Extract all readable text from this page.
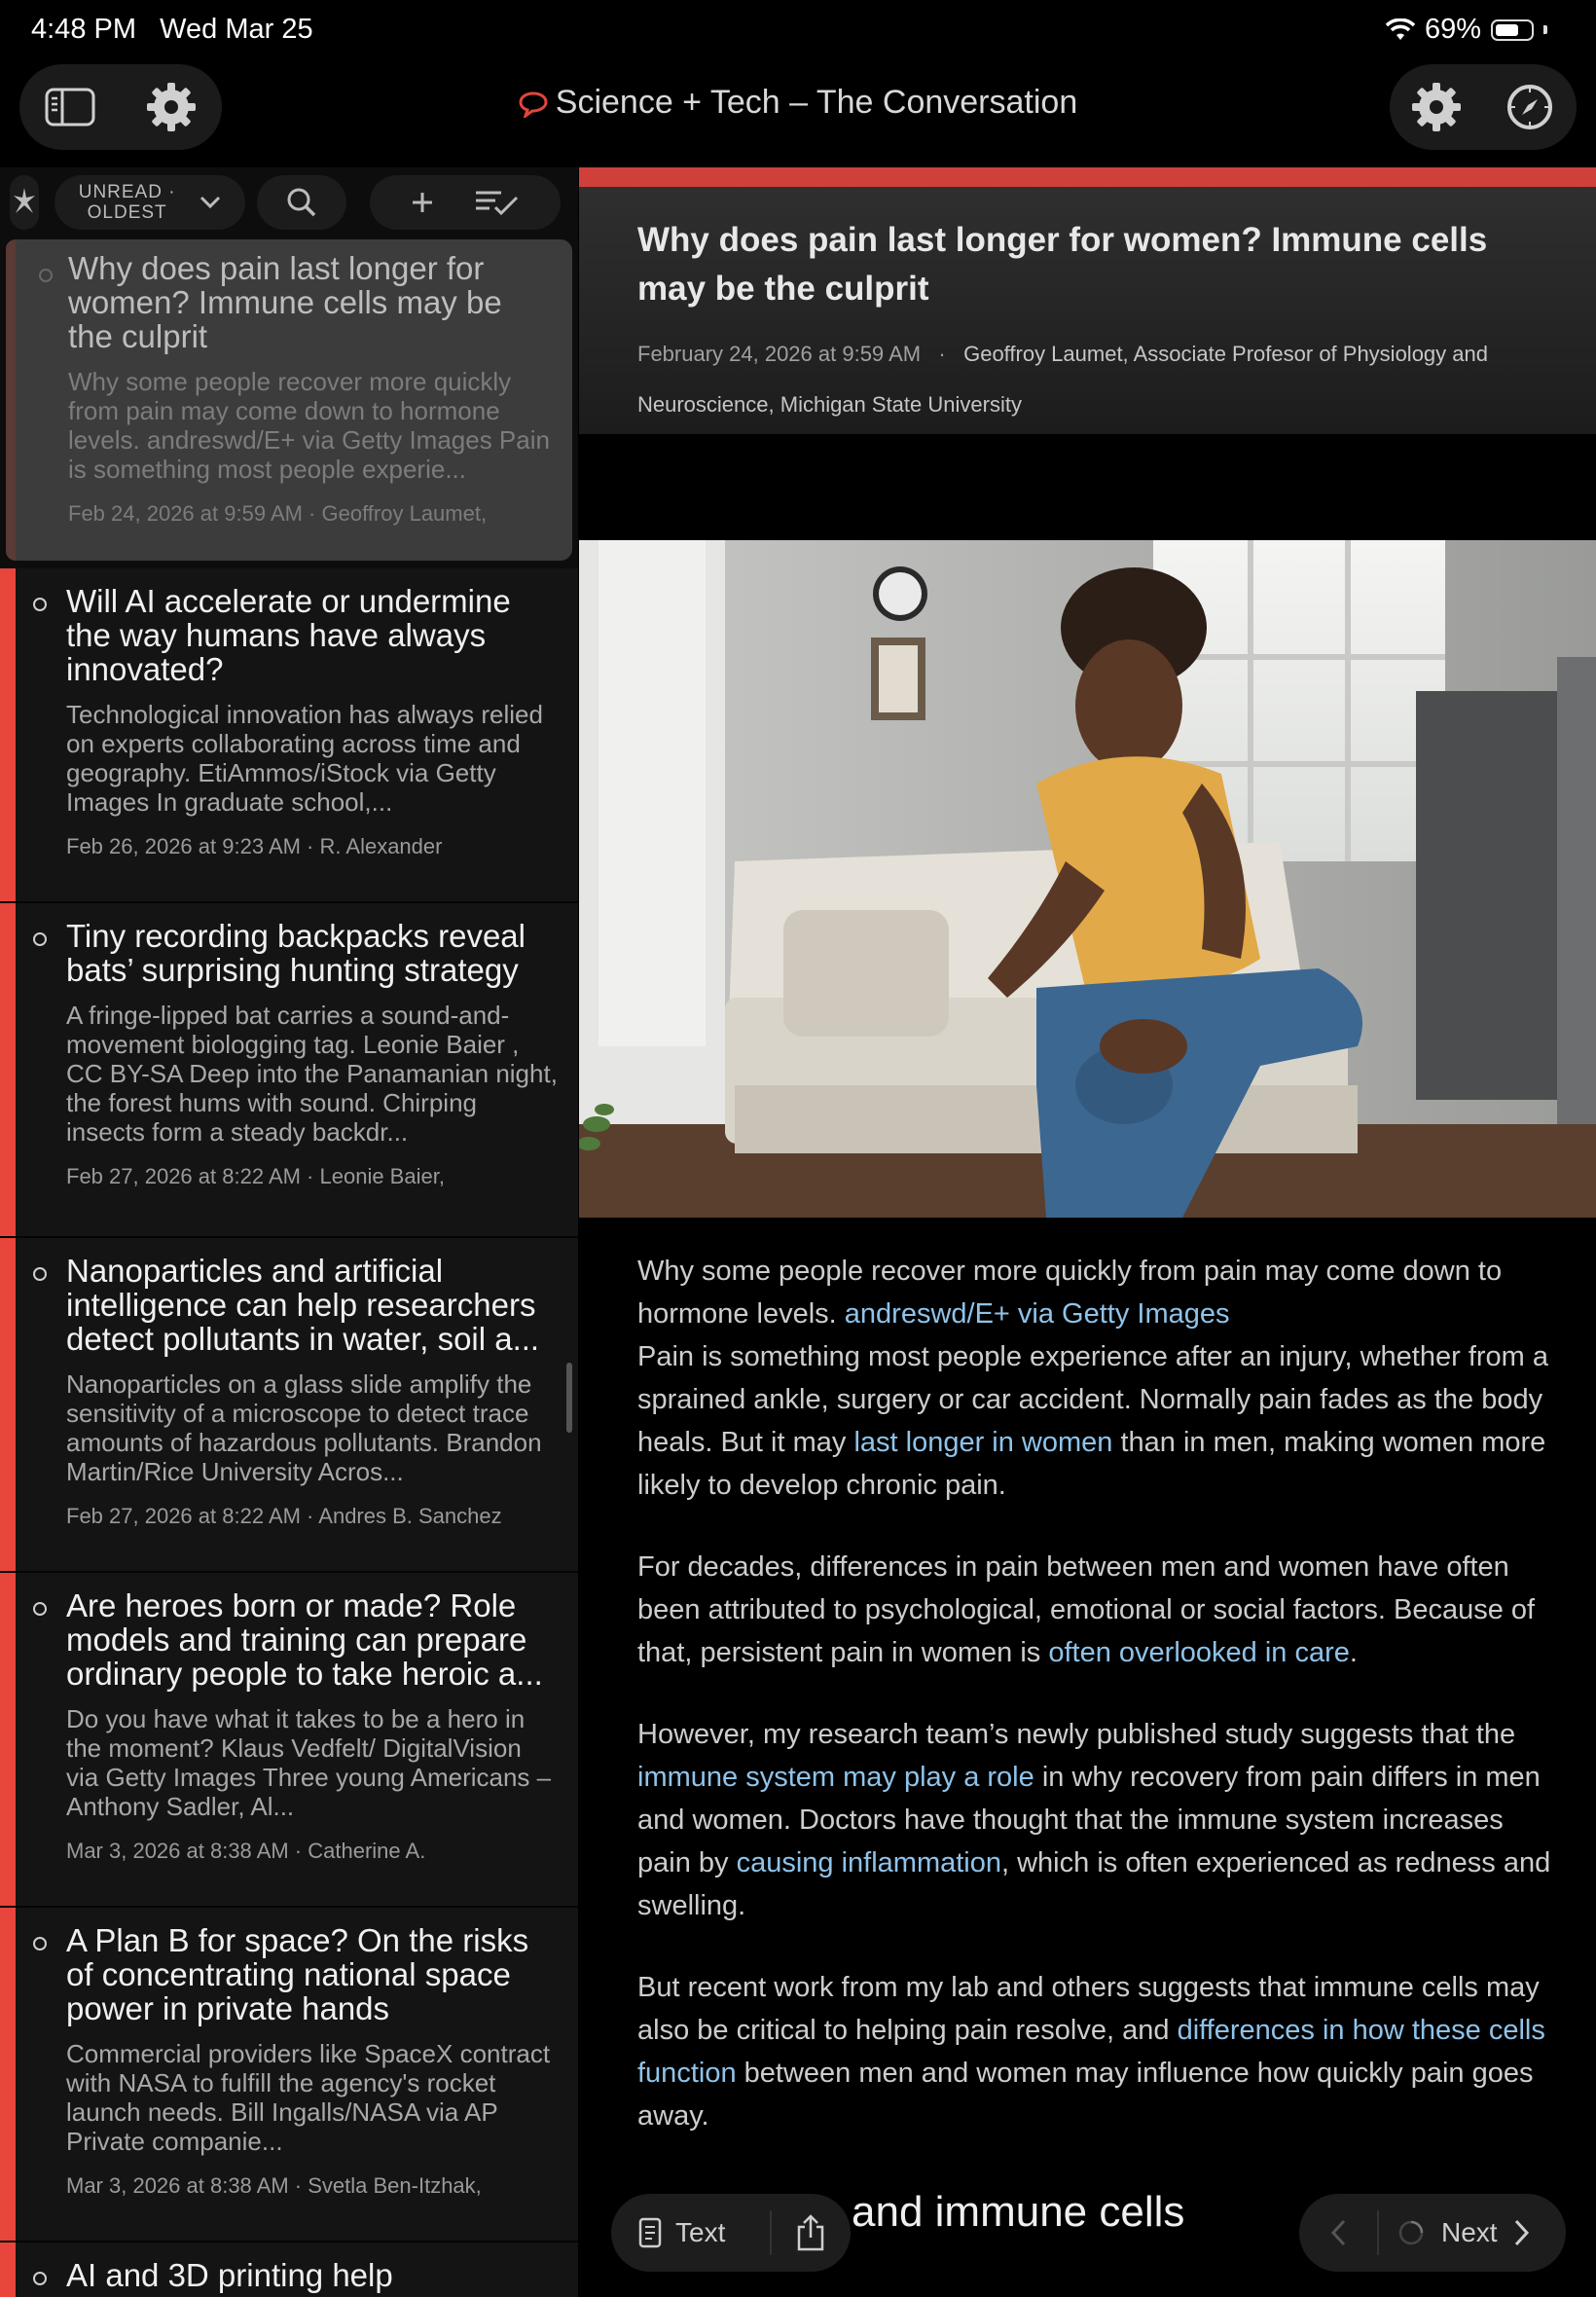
4:48 PM Wed Mar 25	69%
Science + Tech – The Conversation
UNREAD ·
OLDEST
Why does pain last longer for women? Immune cells may be the culprit
Why some people recover more quickly from pain may come down to hormone levels. andreswd/E+ via Getty Images Pain is something most people experie...
Feb 24, 2026 at 9:59 AM · Geoffroy Laumet,
Will AI accelerate or undermine the way humans have always innovated?
Technological innovation has always relied on experts collaborating across time and geography. EtiAmmos/iStock via Getty Images In graduate school,...
Feb 26, 2026 at 9:23 AM · R. Alexander
Tiny recording backpacks reveal bats’ surprising hunting strategy
A fringe-lipped bat carries a sound-and-movement biologging tag. Leonie Baier , CC BY-SA Deep into the Panamanian night, the forest hums with sound. Chirping insects form a steady backdr...
Feb 27, 2026 at 8:22 AM · Leonie Baier,
Nanoparticles and artificial intelligence can help researchers detect pollutants in water, soil a...
Nanoparticles on a glass slide amplify the sensitivity of a microscope to detect trace amounts of hazardous pollutants. Brandon Martin/Rice University Acros...
Feb 27, 2026 at 8:22 AM · Andres B. Sanchez
Are heroes born or made? Role models and training can prepare ordinary people to take heroic a...
Do you have what it takes to be a hero in the moment? Klaus Vedfelt/ DigitalVision via Getty Images Three young Americans – Anthony Sadler, Al...
Mar 3, 2026 at 8:38 AM · Catherine A.
A Plan B for space? On the risks of concentrating national space power in private hands
Commercial providers like SpaceX contract with NASA to fulfill the agency's rocket launch needs. Bill Ingalls/NASA via AP Private companie...
Mar 3, 2026 at 8:38 AM · Svetla Ben-Itzhak,
AI and 3D printing help
Why does pain last longer for women? Immune cells may be the culprit
February 24, 2026 at 9:59 AM · Geoffroy Laumet, Associate Profesor of Physiology and Neuroscience, Michigan State University

Why some people recover more quickly from pain may come down to hormone levels. andreswd/E+ via Getty Images
Pain is something most people experience after an injury, whether from a sprained ankle, surgery or car accident. Normally pain fades as the body heals. But it may last longer in women than in men, making women more likely to develop chronic pain.

For decades, differences in pain between men and women have often been attributed to psychological, emotional or social factors. Because of that, persistent pain in women is often overlooked in care.

However, my research team’s newly published study suggests that the immune system may play a role in why recovery from pain differs in men and women. Doctors have thought that the immune system increases pain by causing inflammation, which is often experienced as redness and swelling.

But recent work from my lab and others suggests that immune cells may also be critical to helping pain resolve, and differences in how these cells function between men and women may influence how quickly pain goes away.

and immune cells
Text	Next
